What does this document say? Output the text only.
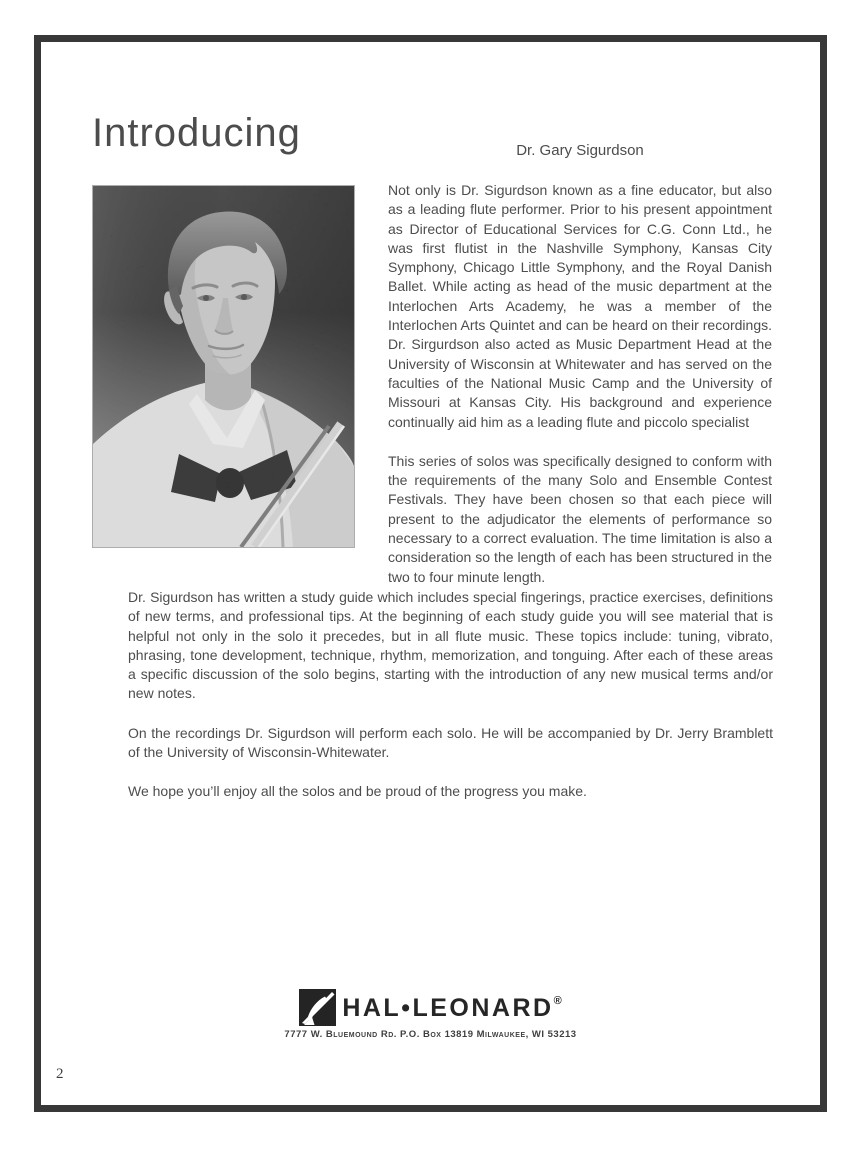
Introducing	Dr. Gary Sigurdson

Not only is Dr. Sigurdson known as a fine educator, but also as a leading flute performer. Prior to his present appointment as Director of Educational Services for C.G. Conn Ltd., he was first flutist in the Nashville Symphony, Kansas City Symphony, Chicago Little Symphony, and the Royal Danish Ballet. While acting as head of the music department at the Interlochen Arts Academy, he was a member of the Interlochen Arts Quintet and can be heard on their recordings. Dr. Sirgurdson also acted as Music Department Head at the University of Wisconsin at Whitewater and has served on the faculties of the National Music Camp and the University of Missouri at Kansas City. His background and experience continually aid him as a leading flute and piccolo specialist

This series of solos was specifically designed to conform with the requirements of the many Solo and Ensemble Contest Festivals. They have been chosen so that each piece will present to the adjudicator the elements of performance so necessary to a correct evaluation. The time limitation is also a consideration so the length of each has been structured in the two to four minute length.

Dr. Sigurdson has written a study guide which includes special fingerings, practice exercises, definitions of new terms, and professional tips. At the beginning of each study guide you will see material that is helpful not only in the solo it precedes, but in all flute music. These topics include: tuning, vibrato, phrasing, tone development, technique, rhythm, memorization, and tonguing. After each of these areas a specific discussion of the solo begins, starting with the introduction of any new musical terms and/or new notes.

On the recordings Dr. Sigurdson will perform each solo. He will be accompanied by Dr. Jerry Bramblett of the University of Wisconsin-Whitewater.

We hope you’ll enjoy all the solos and be proud of the progress you make.

HAL•LEONARD®
7777 W. Bluemound Rd. P.O. Box 13819 Milwaukee, WI 53213
2
